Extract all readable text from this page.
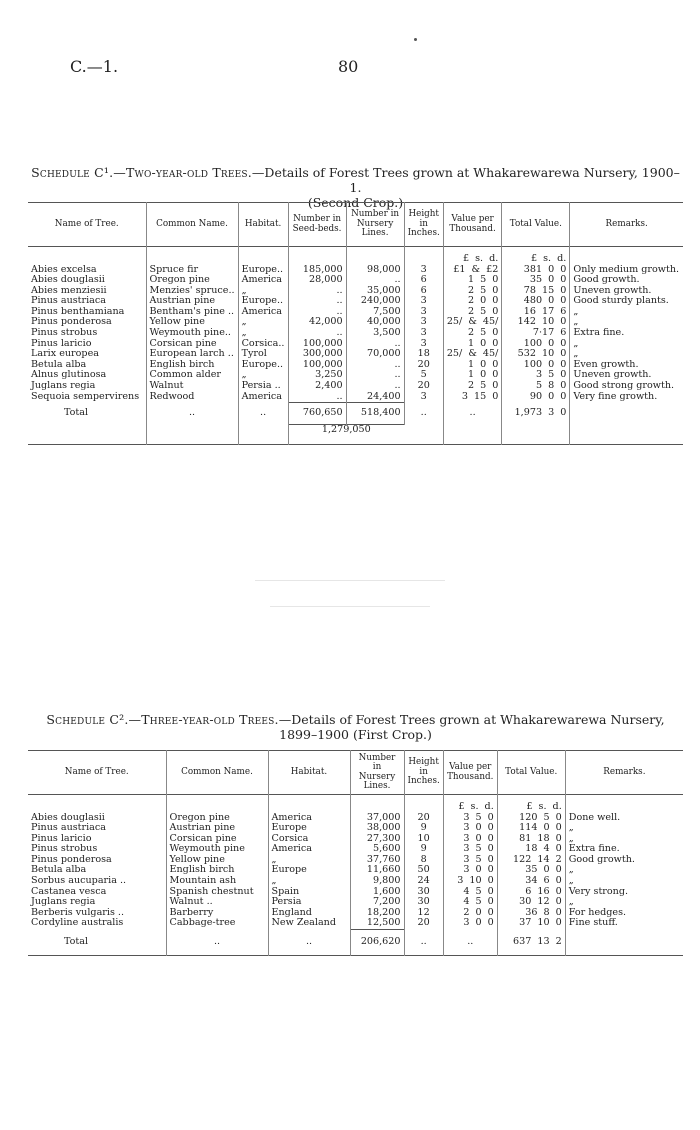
C.—1.	80
Schedule C¹.—Two-year-old Trees.—Details of Forest Trees grown at Whakarewarewa Nursery, 1900–1.
(Second Crop.)
Name of Tree.	Common Name.	Habitat.	Number in Seed-beds.	Number in Nursery Lines.	Height in Inches.	Value per Thousand.	Total Value.	Remarks.
						£ s. d.	£ s. d.	
Abies excelsa	Spruce fir	Europe..	185,000	98,000	3	£1 & £2	381 0 0	Only medium growth.
Abies douglasii	Oregon pine	America	28,000	..	6	1 5 0	35 0 0	Good growth.
Abies menziesii	Menzies' spruce..	„	..	35,000	6	2 5 0	78 15 0	Uneven growth.
Pinus austriaca	Austrian pine	Europe..	..	240,000	3	2 0 0	480 0 0	Good sturdy plants.
Pinus benthamiana	Bentham's pine ..	America	..	7,500	3	2 5 0	16 17 6	„
Pinus ponderosa	Yellow pine	„	42,000	40,000	3	25/ & 45/	142 10 0	„
Pinus strobus	Weymouth pine..	„	..	3,500	3	2 5 0	7·17 6	Extra fine.
Pinus laricio	Corsican pine	Corsica..	100,000	..	3	1 0 0	100 0 0	„
Larix europea	European larch ..	Tyrol	300,000	70,000	18	25/ & 45/	532 10 0	„
Betula alba	English birch	Europe..	100,000	..	20	1 0 0	100 0 0	Even growth.
Alnus glutinosa	Common alder	„	3,250	..	5	1 0 0	3 5 0	Uneven growth.
Juglans regia	Walnut	Persia ..	2,400	..	20	2 5 0	5 8 0	Good strong growth.
Sequoia sempervirens	Redwood	America	..	24,400	3	3 15 0	90 0 0	Very fine growth.
Total	..	..	760,650	518,400	..	..	1,973 3 0	
			1,279,050					
Schedule C².—Three-year-old Trees.—Details of Forest Trees grown at Whakarewarewa Nursery,
1899–1900 (First Crop.)
Name of Tree.	Common Name.	Habitat.	Number in Nursery Lines.	Height in Inches.	Value per Thousand.	Total Value.	Remarks.
					£ s. d.	£ s. d.	
Abies douglasii	Oregon pine	America	37,000	20	3 5 0	120 5 0	Done well.
Pinus austriaca	Austrian pine	Europe	38,000	9	3 0 0	114 0 0	„
Pinus laricio	Corsican pine	Corsica	27,300	10	3 0 0	81 18 0	„
Pinus strobus	Weymouth pine	America	5,600	9	3 5 0	18 4 0	Extra fine.
Pinus ponderosa	Yellow pine	„	37,760	8	3 5 0	122 14 2	Good growth.
Betula alba	English birch	Europe	11,660	50	3 0 0	35 0 0	„
Sorbus aucuparia ..	Mountain ash	„	9,800	24	3 10 0	34 6 0	„
Castanea vesca	Spanish chestnut	Spain	1,600	30	4 5 0	6 16 0	Very strong.
Juglans regia	Walnut ..	Persia	7,200	30	4 5 0	30 12 0	„
Berberis vulgaris ..	Barberry	England	18,200	12	2 0 0	36 8 0	For hedges.
Cordyline australis	Cabbage-tree	New Zealand	12,500	20	3 0 0	37 10 0	Fine stuff.
Total	..	..	206,620	..	..	637 13 2	
